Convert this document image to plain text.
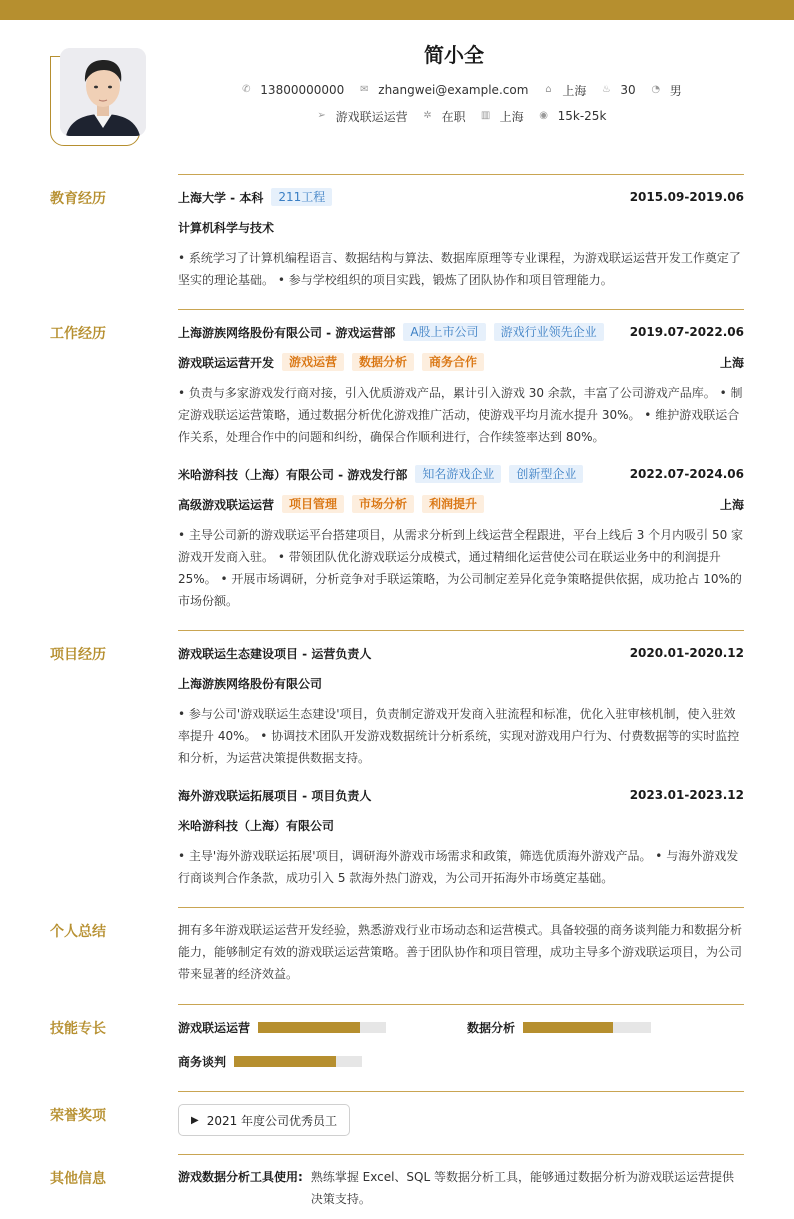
简小全
✆ 13800000000 ✉ zhangwei@example.com ⌂ 上海 ♨ 30 ◔ 男
➢ 游戏联运运营 ✲ 在职 ▥ 上海 ◉ 15k-25k
教育经历	上海大学 - 本科	211工程	2015.09-2019.06
计算机科学与技术
• 系统学习了计算机编程语言、数据结构与算法、数据库原理等专业课程，为游戏联运运营开发工作奠定了坚实的理论基础。 • 参与学校组织的项目实践，锻炼了团队协作和项目管理能力。
工作经历	上海游族网络股份有限公司 - 游戏运营部	A股上市公司	游戏行业领先企业	2019.07-2022.06
游戏联运运营开发	游戏运营	数据分析	商务合作	上海
• 负责与多家游戏发行商对接，引入优质游戏产品，累计引入游戏 30 余款，丰富了公司游戏产品库。 • 制定游戏联运运营策略，通过数据分析优化游戏推广活动，使游戏平均月流水提升 30%。 • 维护游戏联运合作关系，处理合作中的问题和纠纷，确保合作顺利进行，合作续签率达到 80%。
米哈游科技（上海）有限公司 - 游戏发行部	知名游戏企业	创新型企业	2022.07-2024.06
高级游戏联运运营	项目管理	市场分析	利润提升	上海
• 主导公司新的游戏联运平台搭建项目，从需求分析到上线运营全程跟进，平台上线后 3 个月内吸引 50 家游戏开发商入驻。 • 带领团队优化游戏联运分成模式，通过精细化运营使公司在联运业务中的利润提升 25%。 • 开展市场调研，分析竞争对手联运策略，为公司制定差异化竞争策略提供依据，成功抢占 10%的市场份额。
项目经历	游戏联运生态建设项目 - 运营负责人	2020.01-2020.12
上海游族网络股份有限公司
• 参与公司'游戏联运生态建设'项目，负责制定游戏开发商入驻流程和标准，优化入驻审核机制，使入驻效率提升 40%。 • 协调技术团队开发游戏数据统计分析系统，实现对游戏用户行为、付费数据等的实时监控和分析，为运营决策提供数据支持。
海外游戏联运拓展项目 - 项目负责人	2023.01-2023.12
米哈游科技（上海）有限公司
• 主导'海外游戏联运拓展'项目，调研海外游戏市场需求和政策，筛选优质海外游戏产品。 • 与海外游戏发行商谈判合作条款，成功引入 5 款海外热门游戏，为公司开拓海外市场奠定基础。
个人总结	拥有多年游戏联运运营开发经验，熟悉游戏行业市场动态和运营模式。具备较强的商务谈判能力和数据分析能力，能够制定有效的游戏联运运营策略。善于团队协作和项目管理，成功主导多个游戏联运项目，为公司带来显著的经济效益。
技能专长	游戏联运运营	数据分析
商务谈判
荣誉奖项	▶ 2021 年度公司优秀员工
其他信息	游戏数据分析工具使用: 熟练掌握 Excel、SQL 等数据分析工具，能够通过数据分析为游戏联运运营提供决策支持。
